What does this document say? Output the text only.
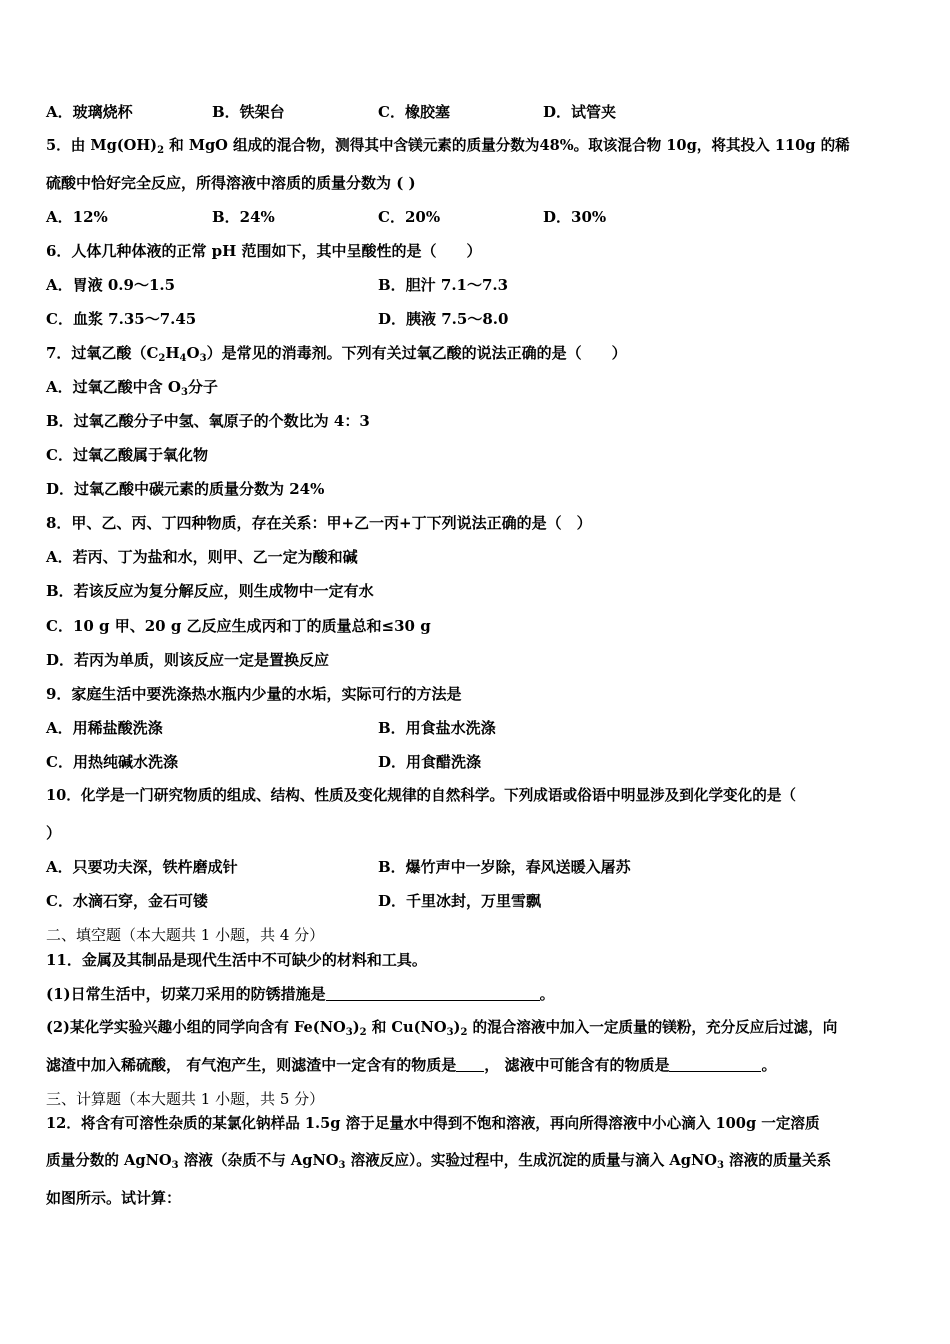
A．玻璃烧杯	B．铁架台	C．橡胶塞	D．试管夹
5．由 $Mg(OH)_2$ 和 MgO 组成的混合物，测得其中含镁元素的质量分数为48%。取该混合物 10g，将其投入 110g 的稀
硫酸中恰好完全反应，所得溶液中溶质的质量分数为 ( )
A．12%	B．24%	C．20%	D．30%
6．人体几种体液的正常 pH 范围如下，其中呈酸性的是（　　）
A．胃液 0.9～1.5	B．胆汁 7.1～7.3
C．血浆 7.35～7.45	D．胰液 7.5～8.0
7．过氧乙酸$(C_2H_4O_3)$是常见的消毒剂。下列有关过氧乙酸的说法正确的是（　　）
A．过氧乙酸中含 $O_3$分子
B．过氧乙酸分子中氢、氧原子的个数比为 4：3
C．过氧乙酸属于氧化物
D．过氧乙酸中碳元素的质量分数为 24%
8．甲、乙、丙、丁四种物质，存在关系：甲+乙一丙+丁下列说法正确的是（　）
A．若丙、丁为盐和水，则甲、乙一定为酸和碱
B．若该反应为复分解反应，则生成物中一定有水
C．10 g 甲、20 g 乙反应生成丙和丁的质量总和≤30 g
D．若丙为单质，则该反应一定是置换反应
9．家庭生活中要洗涤热水瓶内少量的水垢，实际可行的方法是
A．用稀盐酸洗涤	B．用食盐水洗涤
C．用热纯碱水洗涤	D．用食醋洗涤
10．化学是一门研究物质的组成、结构、性质及变化规律的自然科学。下列成语或俗语中明显涉及到化学变化的是（
）
A．只要功夫深，铁杵磨成针	B．爆竹声中一岁除，春风送暖入屠苏
C．水滴石穿，金石可镂	D．千里冰封，万里雪飘
二、填空题（本大题共 1 小题，共 4 分）
11．金属及其制品是现代生活中不可缺少的材料和工具。
(1)日常生活中，切菜刀采用的防锈措施是	。
(2)某化学实验兴趣小组的同学向含有 $Fe(NO_3)_2$ 和 $Cu(NO_3)_2$ 的混合溶液中加入一定质量的镁粉，充分反应后过滤，向
滤渣中加入稀硫酸， 有气泡产生，则滤渣中一定含有的物质是 ， 滤液中可能含有的物质是	。
三、计算题（本大题共 1 小题，共 5 分）
12．将含有可溶性杂质的某氯化钠样品 1.5g 溶于足量水中得到不饱和溶液，再向所得溶液中小心滴入 100g 一定溶质
质量分数的 AgNO$_3$ 溶液（杂质不与 AgNO$_3$ 溶液反应）。实验过程中，生成沉淀的质量与滴入 AgNO$_3$ 溶液的质量关系
如图所示。试计算：
